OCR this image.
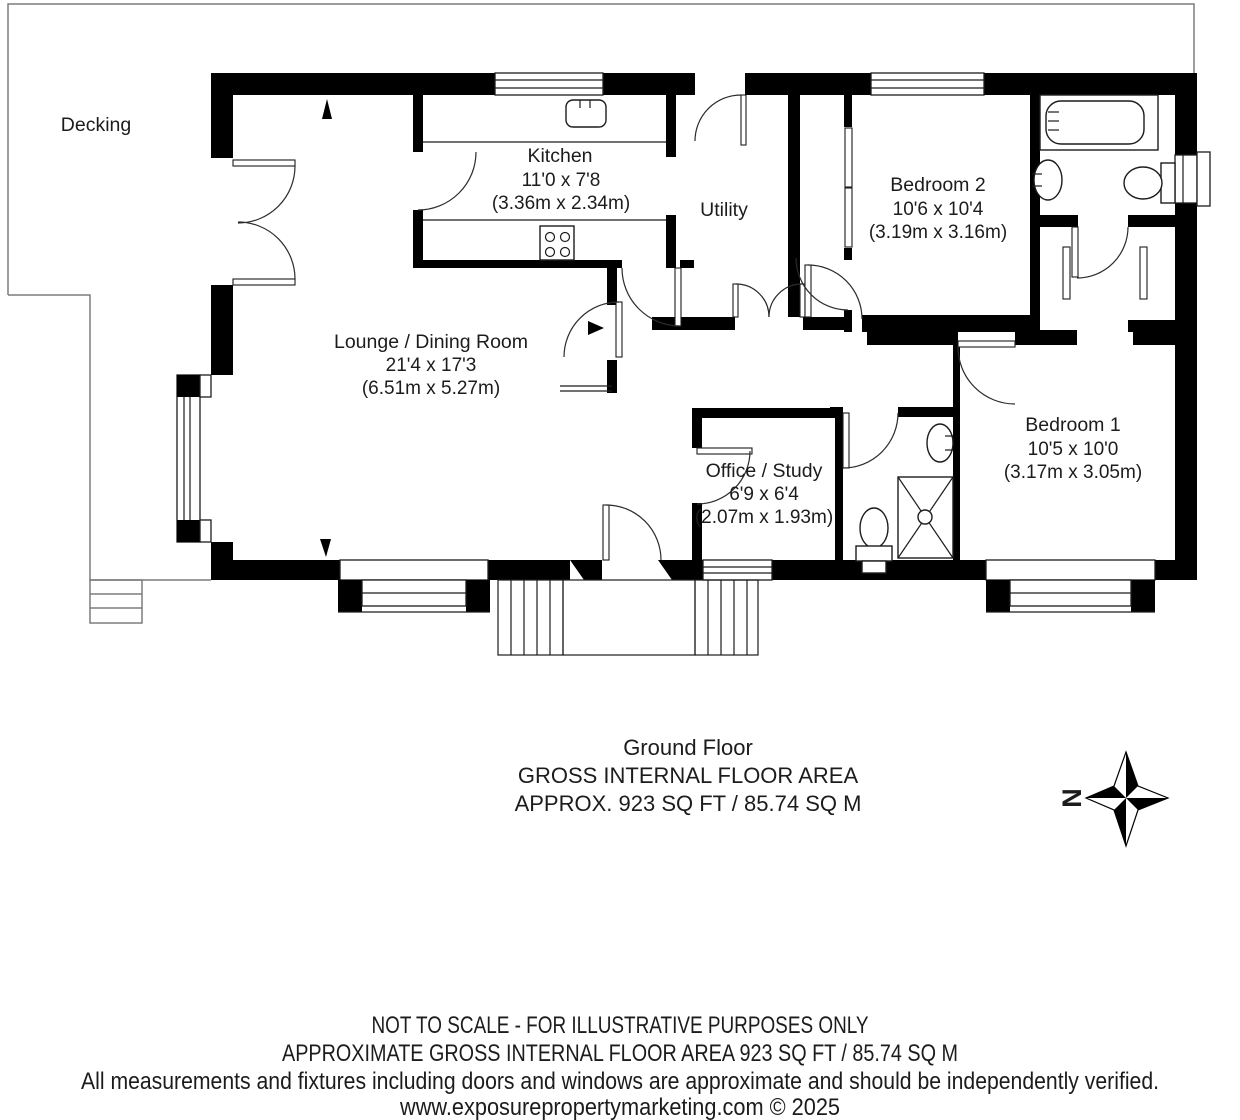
N
Decking
Kitchen
11'0 x 7'8
(3.36m x 2.34m)	Utility
Bedroom 2
10'6 x 10'4
(3.19m x 3.16m)
Lounge / Dining Room
21'4 x 17'3
(6.51m x 5.27m)
Office / Study
6'9 x 6'4
(2.07m x 1.93m)
Bedroom 1
10'5 x 10'0
(3.17m x 3.05m)
Ground Floor
GROSS INTERNAL FLOOR AREA
APPROX. 923 SQ FT / 85.74 SQ M
NOT TO SCALE - FOR ILLUSTRATIVE PURPOSES ONLY
APPROXIMATE GROSS INTERNAL FLOOR AREA 923 SQ FT / 85.74 SQ M
All measurements and fixtures including doors and windows are approximate and should be independently verified.
www.exposurepropertymarketing.com © 2025
